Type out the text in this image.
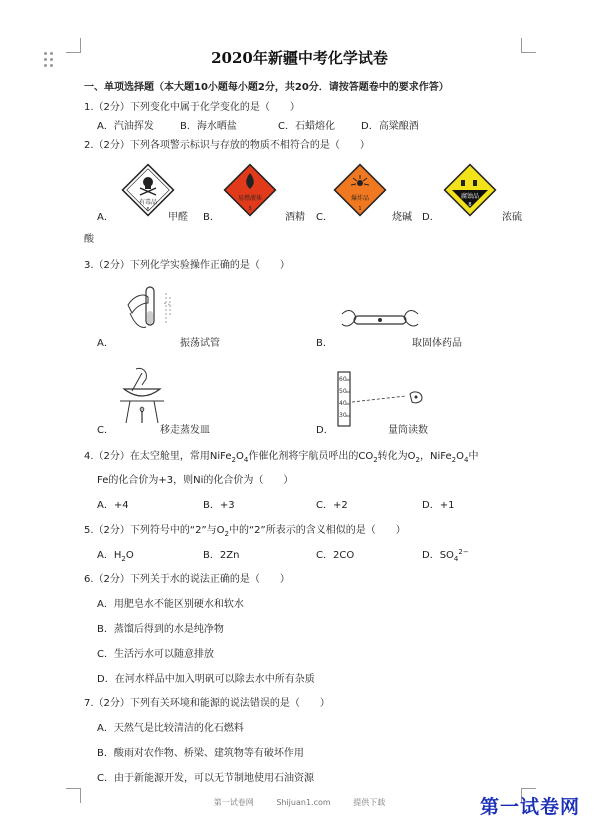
2020年新疆中考化学试卷
一、单项选择题（本大题10小题每小题2分，共20分．请按答题卷中的要求作答）
1.（2分）下列变化中属于化学变化的是（　　）
A．汽油挥发	B．海水晒盐	C．石蜡熔化	D．高粱酿酒
2.（2分）下列各项警示标识与存放的物质不相符合的是（　　）
有毒品
6
易燃液体
3
爆炸品
1
腐蚀品
8
A．	甲醛 B．	酒精 C．	烧碱 D．	浓硫
酸
3.（2分）下列化学实验操作正确的是（　　）
A．	振荡试管	B．	取固体药品
C．	移走蒸发皿
60
50
40
30
D．	量筒读数
4.（2分）在太空舱里，常用$NiFe_2O_4$作催化剂将宇航员呼出的$CO_2$转化为$O_2$，$NiFe_2O_4$中
Fe的化合价为+3，则Ni的化合价为（　　）
A．+4	B．+3	C．+2	D．+1
5.（2分）下列符号中的“2”与$O_2$中的“2”所表示的含义相似的是（　　）
A．$H_2O$	B．2Zn	C．2CO	D．$SO_4^{2-}$
6.（2分）下列关于水的说法正确的是（　　）
A．用肥皂水不能区别硬水和软水
B．蒸馏后得到的水是纯净物
C．生活污水可以随意排放
D．在河水样品中加入明矾可以除去水中所有杂质
7.（2分）下列有关环境和能源的说法错误的是（　　）
A．天然气是比较清洁的化石燃料
B．酸雨对农作物、桥梁、建筑物等有破坏作用
C．由于新能源开发，可以无节制地使用石油资源
第一试卷网	Shijuan1.com	提供下载	第一试卷网
